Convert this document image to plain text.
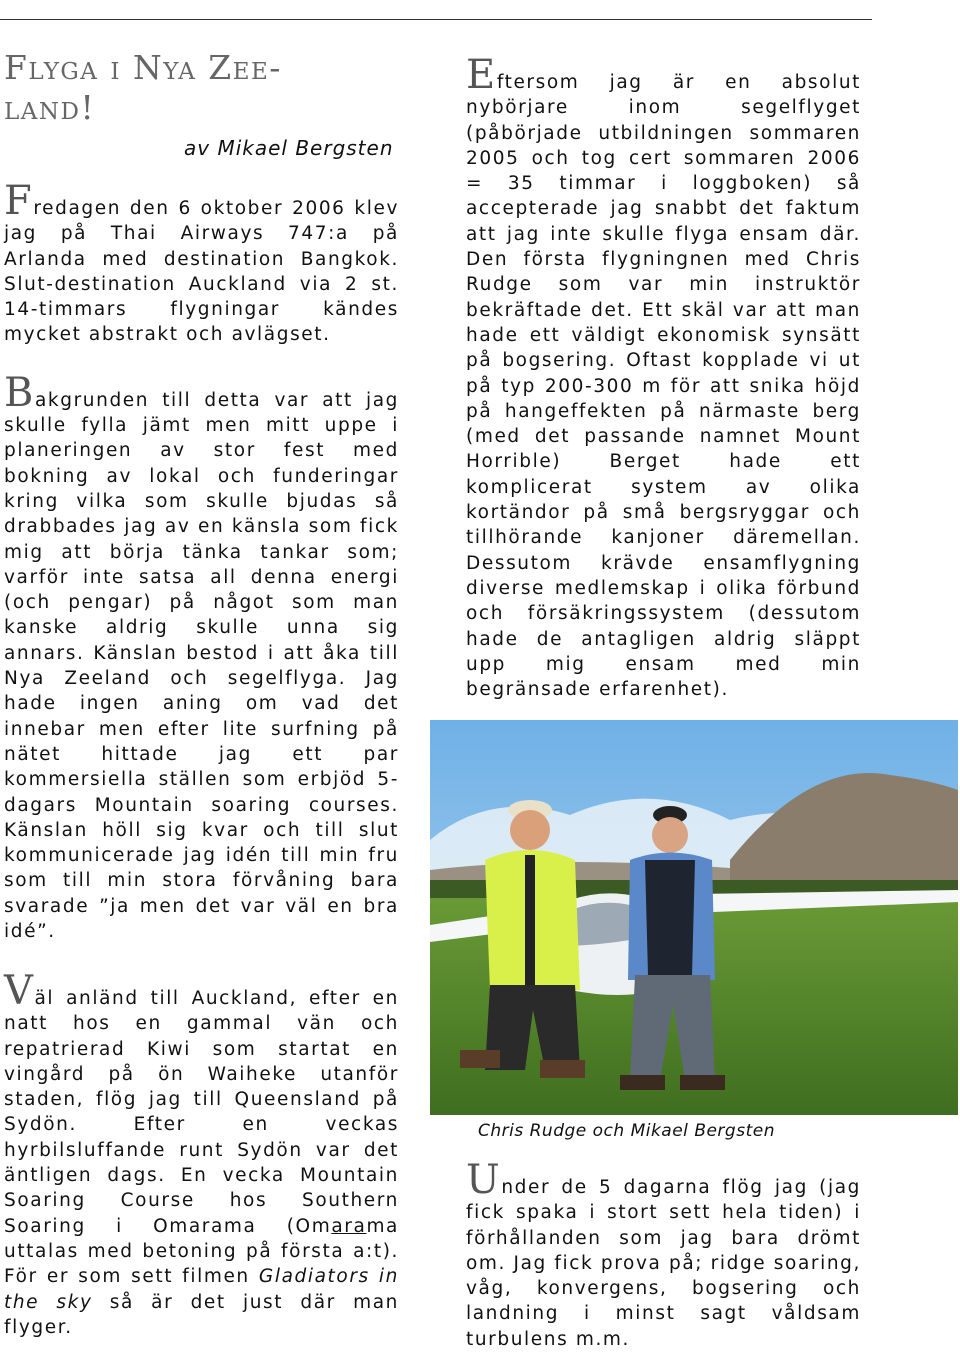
Flyga i Nya Zee-
land!
av Mikael Bergsten

Fredagen den 6 oktober 2006 klev jag på Thai Airways 747:a på Arlanda med destination Bangkok. Slut-destination Auckland via 2 st. 14-timmars flygningar kändes mycket abstrakt och avlägset.

Bakgrunden till detta var att jag skulle fylla jämt men mitt uppe i planeringen av stor fest med bokning av lokal och funderingar kring vilka som skulle bjudas så drabbades jag av en känsla som fick mig att börja tänka tankar som; varför inte satsa all denna energi (och pengar) på något som man kanske aldrig skulle unna sig annars. Känslan bestod i att åka till Nya Zeeland och segelflyga. Jag hade ingen aning om vad det innebar men efter lite surfning på nätet hittade jag ett par kommersiella ställen som erbjöd 5-dagars Mountain soaring courses. Känslan höll sig kvar och till slut kommunicerade jag idén till min fru som till min stora förvåning bara svarade ”ja men det var väl en bra idé”.

Väl anländ till Auckland, efter en natt hos en gammal vän och repatrierad Kiwi som startat en vingård på ön Waiheke utanför staden, flög jag till Queensland på Sydön. Efter en veckas hyrbilsluffande runt Sydön var det äntligen dags. En vecka Mountain Soaring Course hos Southern Soaring i Omarama (Omarama uttalas med betoning på första a:t). För er som sett filmen Gladiators in the sky så är det just där man flyger.

Eftersom jag är en absolut nybörjare inom segelflyget (påbörjade utbildningen sommaren 2005 och tog cert sommaren 2006 = 35 timmar i loggboken) så accepterade jag snabbt det faktum att jag inte skulle flyga ensam där. Den första flygningnen med Chris Rudge som var min instruktör bekräftade det. Ett skäl var att man hade ett väldigt ekonomisk synsätt på bogsering. Oftast kopplade vi ut på typ 200-300 m för att snika höjd på hangeffekten på närmaste berg (med det passande namnet Mount Horrible) Berget hade ett komplicerat system av olika kortändor på små bergsryggar och tillhörande kanjoner däremellan. Dessutom krävde ensamflygning diverse medlemskap i olika förbund och försäkringssystem (dessutom hade de antagligen aldrig släppt upp mig ensam med min begränsade erfarenhet).

Chris Rudge och Mikael Bergsten

Under de 5 dagarna flög jag (jag fick spaka i stort sett hela tiden) i förhållanden som jag bara drömt om. Jag fick prova på; ridge soaring, våg, konvergens, bogsering och landning i minst sagt våldsam turbulens m.m.
